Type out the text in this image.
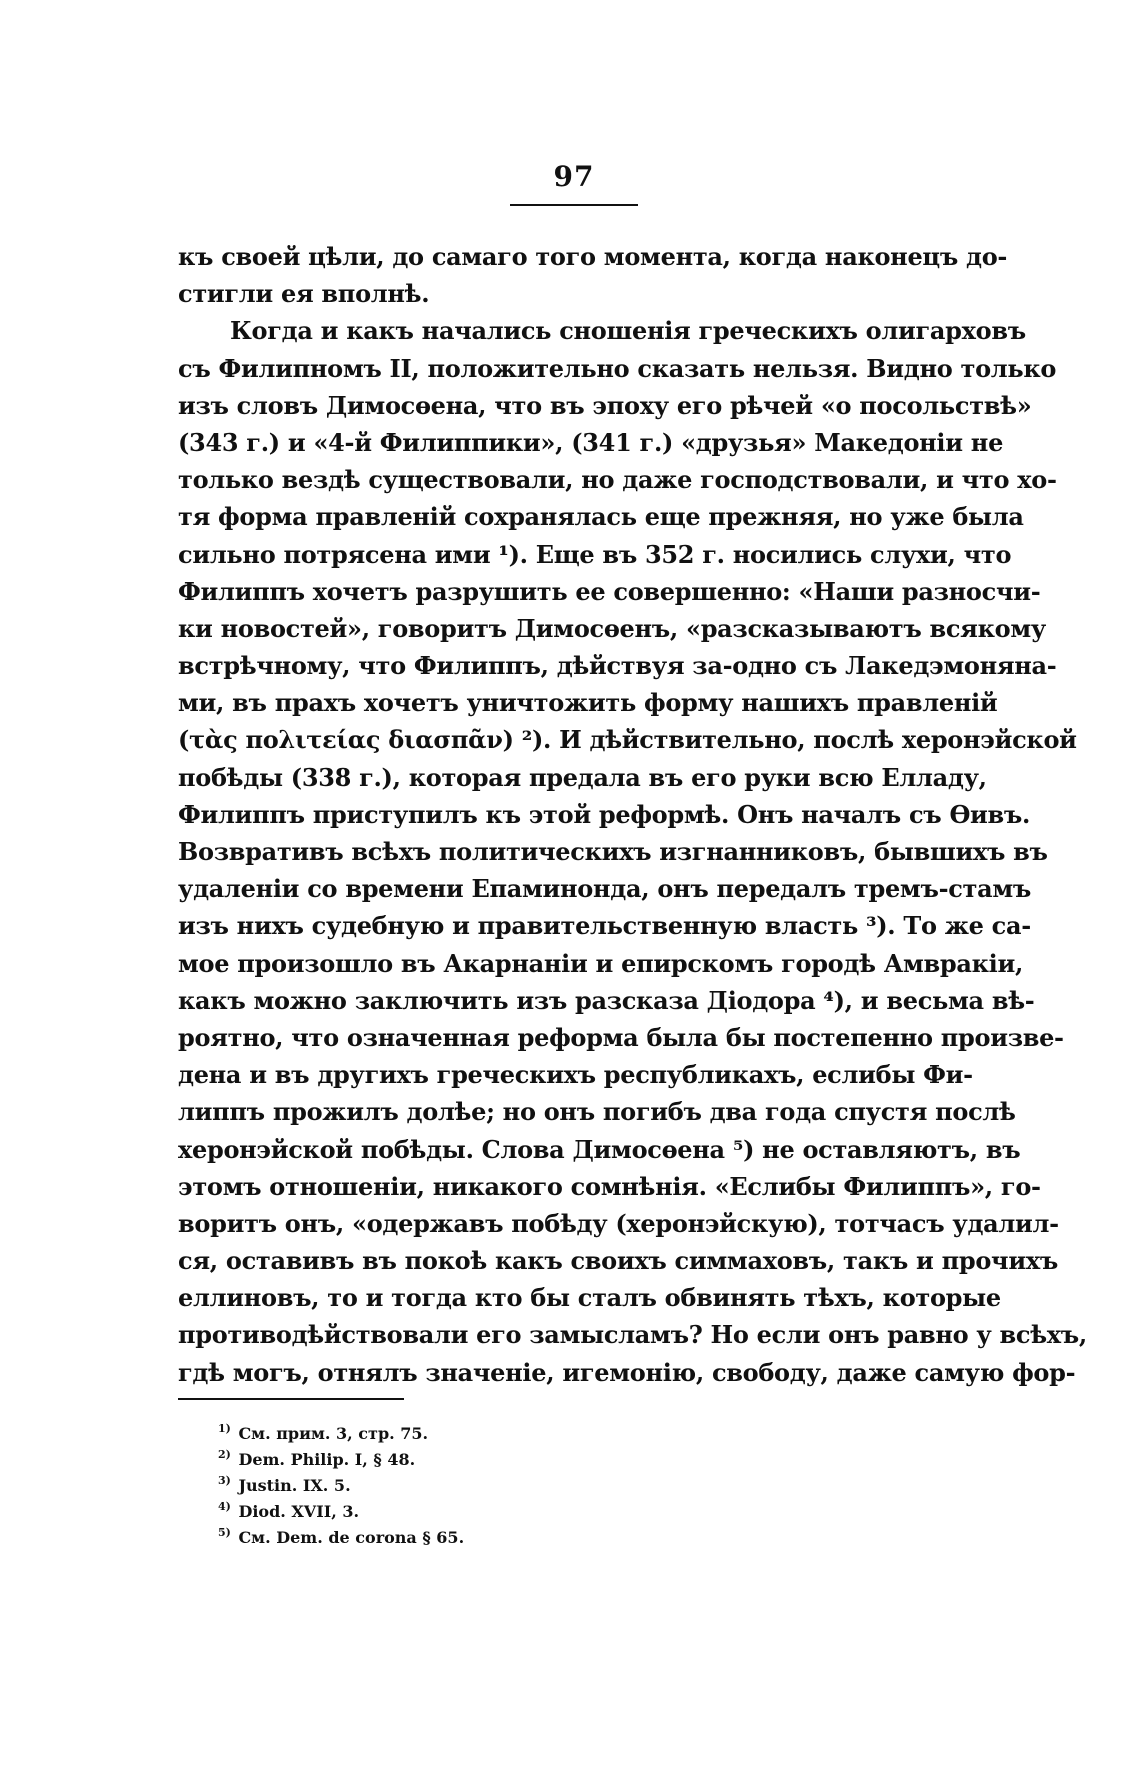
97
къ своей цѣли, до самаго того момента, когда наконецъ до-
стигли ея вполнѣ.
Когда и какъ начались сношенія греческихъ олигарховъ
съ Филипномъ II, положительно сказать нельзя. Видно только
изъ словъ Димосөена, что въ эпоху его рѣчей «о посольствѣ»
(343 г.) и «4-й Филиппики», (341 г.) «друзья» Македоніи не
только вездѣ существовали, но даже господствовали, и что хо-
тя форма правленій сохранялась еще прежняя, но уже была
сильно потрясена ими ¹). Еще въ 352 г. носились слухи, что
Филиппъ хочетъ разрушить ее совершенно: «Наши разносчи-
ки новостей», говоритъ Димосөенъ, «разсказываютъ всякому
встрѣчному, что Филиппъ, дѣйствуя за-одно съ Лакедэмонянa-
ми, въ прахъ хочетъ уничтожить форму нашихъ правленій
(τὰς πολιτείας διασπᾶν) ²). И дѣйствительно, послѣ херонэйской
побѣды (338 г.), которая предала въ его руки всю Елладу,
Филиппъ приступилъ къ этой реформѣ. Онъ началъ съ Өивъ.
Возвративъ всѣхъ политическихъ изгнанниковъ, бывшихъ въ
удаленіи со времени Епаминонда, онъ передалъ тремъ-стамъ
изъ нихъ судебную и правительственную власть ³). То же са-
мое произошло въ Акарнаніи и епирскомъ городѣ Амвракіи,
какъ можно заключить изъ разсказа Діодора ⁴), и весьма вѣ-
роятно, что означенная реформа была бы постепенно произве-
дена и въ другихъ греческихъ республикахъ, еслибы Фи-
липпъ прожилъ долѣе; но онъ погибъ два года спустя послѣ
херонэйской побѣды. Слова Димосөена ⁵) не оставляютъ, въ
этомъ отношеніи, никакого сомнѣнія. «Еслибы Филиппъ», го-
воритъ онъ, «одержавъ побѣду (херонэйскую), тотчасъ удалил-
ся, оставивъ въ покоѣ какъ своихъ симмаховъ, такъ и прочихъ
еллиновъ, то и тогда кто бы сталъ обвинять тѣхъ, которые
противодѣйствовали его замысламъ? Но если онъ равно у всѣхъ,
гдѣ могъ, отнялъ значеніе, игемонію, свободу, даже самую фор-
1) См. прим. 3, стр. 75.
2) Dem. Philip. I, § 48.
3) Justin. IX. 5.
4) Diod. XVII, 3.
5) См. Dem. de corona § 65.
